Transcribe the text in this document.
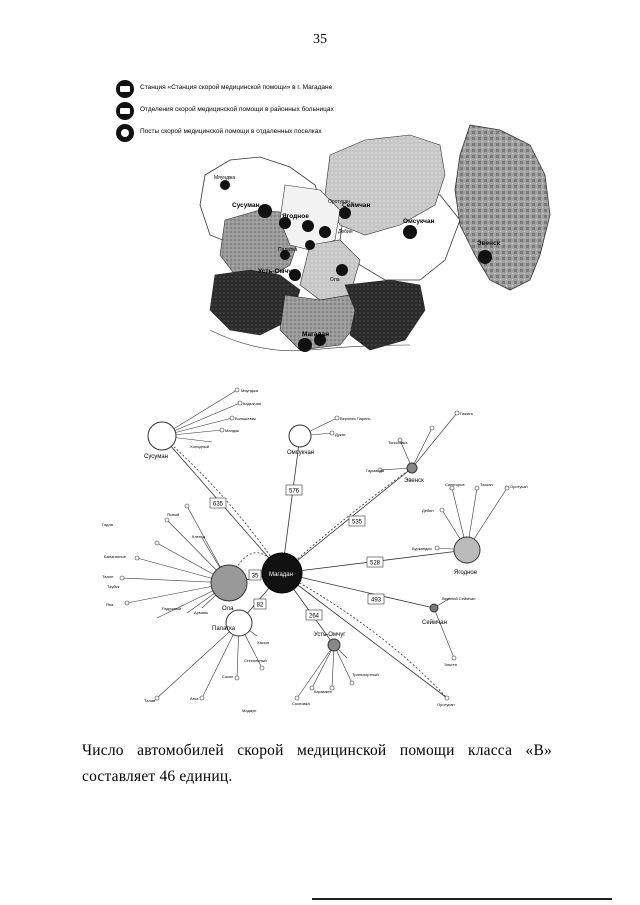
35
Станция «Станция скорой медицинской помощи» в г. Магадане
Отделения скорой медицинской помощи в районных больницах
Посты скорой медицинской помощи в отдаленных поселках
Сусуман
Ягодное
Сеймчан
Омсукчан
Эвенск
Усть-Омчуг
Магадан
Оротукан
Дебин
Мяунджа
Палатка
Ола
635
576
535
528
493
264
82
35
Сусуман
Омсукчан
Эвенск
Ягодное
Сеймчан
Усть-Омчуг
Палатка
Ола
Магадан
Мяунджа
Кадыкчан
Большевик
Малдяк
Холодный
Верхняя Парень
Дукат
Гижига
Тополовка
Гарманда
Синегорье	Таскан	Оротукан
Дебин
Буркандья
Верхний Сеймчан
Эльген
Оротукан
Ясный
Гадля
Балаганное
Талон
Тауйск
Яна
Радужный
Армань
Клепка
Хасын
Стекольный
Сокол
Атка
Талая
Транспортный
Карамкен
Сосновка
Мадаун
Число автомобилей скорой медицинской помощи класса «В»
составляет 46 единиц.
